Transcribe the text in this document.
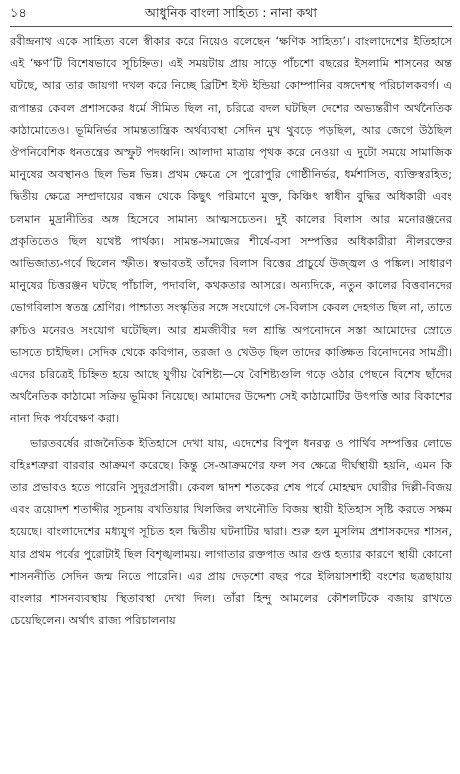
১৪	আধুনিক বাংলা সাহিত্য : নানা কথা

রবীন্দ্রনাথ একে সাহিত্য বলে স্বীকার করে নিয়েও বলেছেন ‘ক্ষণিক সাহিত্য’। বাংলাদেশের ইতিহাসে এই ‘ক্ষণ’টি বিশেষভাবে সূচিহ্নিত। এই সময়টায় প্রায় সাড়ে পাঁচশো বছরের ইসলামি শাসনের অন্ত ঘটছে, আর তার জায়গা দখল করে নিচ্ছে ব্রিটিশ ইস্ট ইন্ডিয়া কোম্পানির বঙ্গদেশস্থ পরিচালকবর্গ। এ রূপান্তর কেবল প্রশাসকের ধর্মে সীমিত ছিল না, চরিত্রে বদল ঘটছিল দেশের অভ্যন্তরীণ অর্থনৈতিক কাঠামোতেও। ভূমিনির্ভর সামন্ততান্ত্রিক অর্থব্যবস্থা সেদিন মুখ থুবড়ে পড়ছিল, আর জেগে উঠছিল ঔপনিবেশিক ধনতন্ত্রের অস্ফুট পদধ্বনি। আলাদা মাত্রায় পৃথক করে নেওয়া এ দুটো সময়ে সামাজিক মানুষের অবস্থানও ছিল ভিন্ন ভিন্ন। প্রথম ক্ষেত্রে সে পুরোপুরি গোষ্ঠীনির্ভর, ধর্মশাসিত, ব্যক্তিস্বরহিত; দ্বিতীয় ক্ষেত্রে সম্প্রদায়ের বন্ধন থেকে কিছুৎ পরিমাণে মুক্ত, কিঞ্চিৎ স্বাধীন বুদ্ধির অধিকারী এবং চলমান মুদ্রানীতির অঙ্গ হিসেবে সামান্য আত্মসচেতন। দুই কালের বিলাস আর মনোরঞ্জনের প্রকৃতিতেও ছিল যথেষ্ট পার্থক্য। সামন্ত-সমাজের শীর্ষে-বসা সম্পত্তির অধিকারীরা নীলরক্তের আভিজাত্য-গর্বে ছিলেন স্ফীত। স্বভাবতই তাঁদের বিলাস বিত্তের প্রাচুর্যে উজ্জ্বল ও পঙ্কিল। সাধারণ মানুষের চিত্তরঞ্জন ঘটছে পাঁচালি, পদাবলি, কথকতার আসরে। অন্যদিকে, নতুন কালের বিত্তবানদের ভোগবিলাস স্বতন্ত্র শ্রেণির। পাশ্চাত্য সংস্কৃতির সঙ্গে সংযোগে সে-বিলাস কেবল দেহগত ছিল না, তাতে রুচিও মনেরও সংযোগ ঘটেছিল। আর শ্রমজীবীর দল শ্রান্তি অপনোদনে সস্তা আমোদের স্রোতে ভাসতে চাইছিল। সেদিক থেকে কবিগান, তরজা ও খেউড় ছিল তাদের কাঙ্ক্ষিত বিনোদনের সামগ্রী। এদের চরিত্রেই চিহ্নিত হয়ে আছে যুগীয় বৈশিষ্ট্য—যে বৈশিষ্ট্যগুলি গড়ে ওঠার পেছনে বিশেষ ছাঁদের অর্থনৈতিক কাঠামো সক্রিয় ভূমিকা নিয়েছে। আমাদের উদ্দেশ্য সেই কাঠামোটির উৎপত্তি আর বিকাশের নানা দিক পর্যবেক্ষণ করা।

ভারতবর্ষের রাজনৈতিক ইতিহাসে দেখা যায়, এদেশের বিপুল ধনরত্ন ও পার্থিব সম্পত্তির লোভে বহিঃশত্রুরা বারবার আক্রমণ করেছে। কিন্তু সে-আক্রমণের ফল সব ক্ষেত্রে দীর্ঘস্থায়ী হয়নি, এমন কি তার প্রভাবও হতে পারেনি সুদূরপ্রসারী। কেবল দ্বাদশ শতকের শেষ পর্বে মোহম্মদ ঘোরীর দিল্লী-বিজয় এবং ত্রয়োদশ শতাব্দীর সূচনায় বখতিয়ার খিলজির লখনৌতি বিজয় স্থায়ী ইতিহাস সৃষ্টি করতে সক্ষম হয়েছে। বাংলাদেশের মধ্যযুগ সূচিত হল দ্বিতীয় ঘটনাটির দ্বারা। শুরু হল মুসলিম প্রশাসকদের শাসন, যার প্রথম পর্বের পুরোটাই ছিল বিশৃঙ্খলাময়। লাগাতার রক্তপাত আর গুপ্ত হত্যার কারণে স্থায়ী কোনো শাসননীতি সেদিন জন্ম নিতে পারেনি। এর প্রায় দেড়শো বছর পরে ইলিয়াসশাহী বংশের ছত্রছায়ায় বাংলার শাসনব্যবস্থায় স্থিতাবস্থা দেখা দিল। তাঁরা হিন্দু আমলের কৌশলটিকে বজায় রাখতে চেয়েছিলেন। অর্থাৎ রাজ্য পরিচালনায়
